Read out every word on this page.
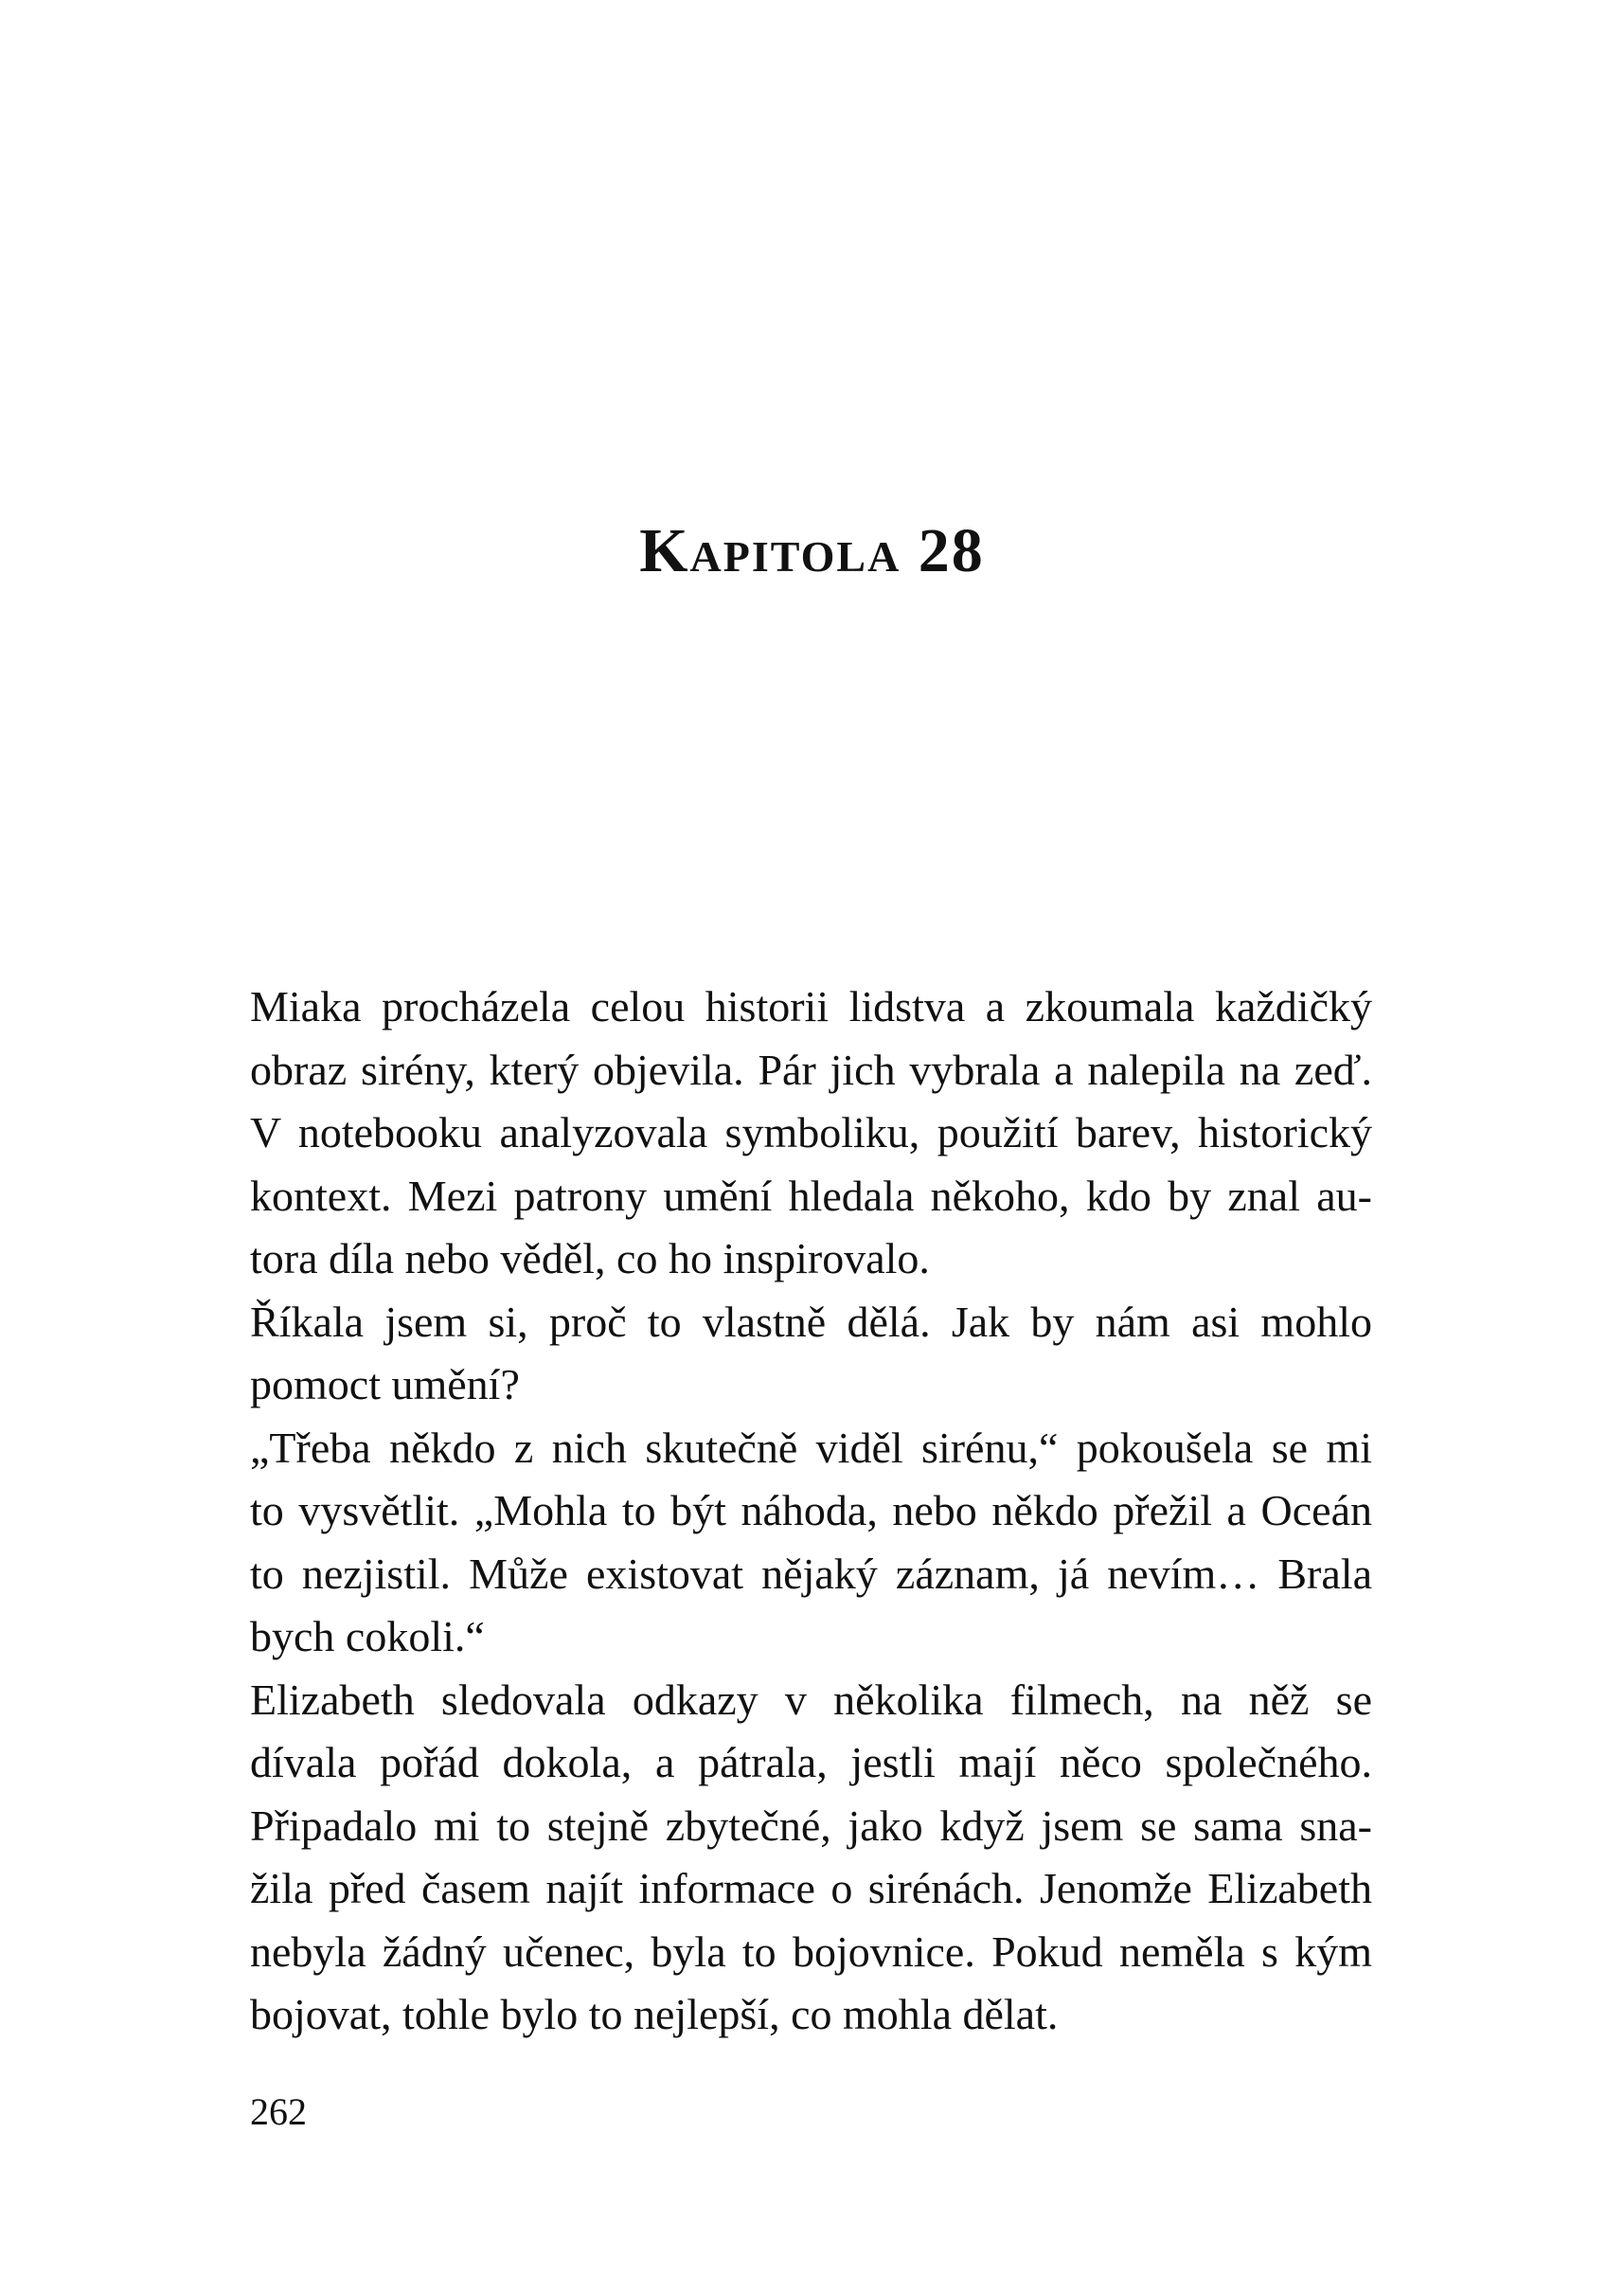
Kapitola 28
Miaka procházela celou historii lidstva a zkoumala každičký
obraz sirény, který objevila. Pár jich vybrala a nalepila na zeď.
V notebooku analyzovala symboliku, použití barev, historický
kontext. Mezi patrony umění hledala někoho, kdo by znal au-
tora díla nebo věděl, co ho inspirovalo.
Říkala jsem si, proč to vlastně dělá. Jak by nám asi mohlo
pomoct umění?
„Třeba někdo z nich skutečně viděl sirénu,“ pokoušela se mi
to vysvětlit. „Mohla to být náhoda, nebo někdo přežil a Oceán
to nezjistil. Může existovat nějaký záznam, já nevím… Brala
bych cokoli.“
Elizabeth sledovala odkazy v několika filmech, na něž se
dívala pořád dokola, a pátrala, jestli mají něco společného.
Připadalo mi to stejně zbytečné, jako když jsem se sama sna-
žila před časem najít informace o sirénách. Jenomže Elizabeth
nebyla žádný učenec, byla to bojovnice. Pokud neměla s kým
bojovat, tohle bylo to nejlepší, co mohla dělat.
262
